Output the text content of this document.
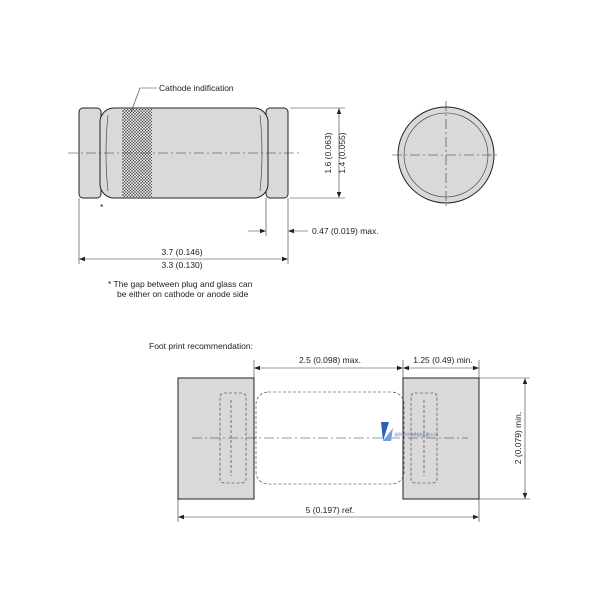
Cathode indification
*
1.6 (0.063) 1.4 (0.055)
0.47 (0.019) max.
3.7 (0.146)
3.3 (0.130)
* The gap between plug and glass can
be either on cathode or anode side
Foot print recommendation:
深圳市宇泽科技有限公司
2.5 (0.098) max.	1.25 (0.49) min.
2 (0.079) min.
5 (0.197) ref.
